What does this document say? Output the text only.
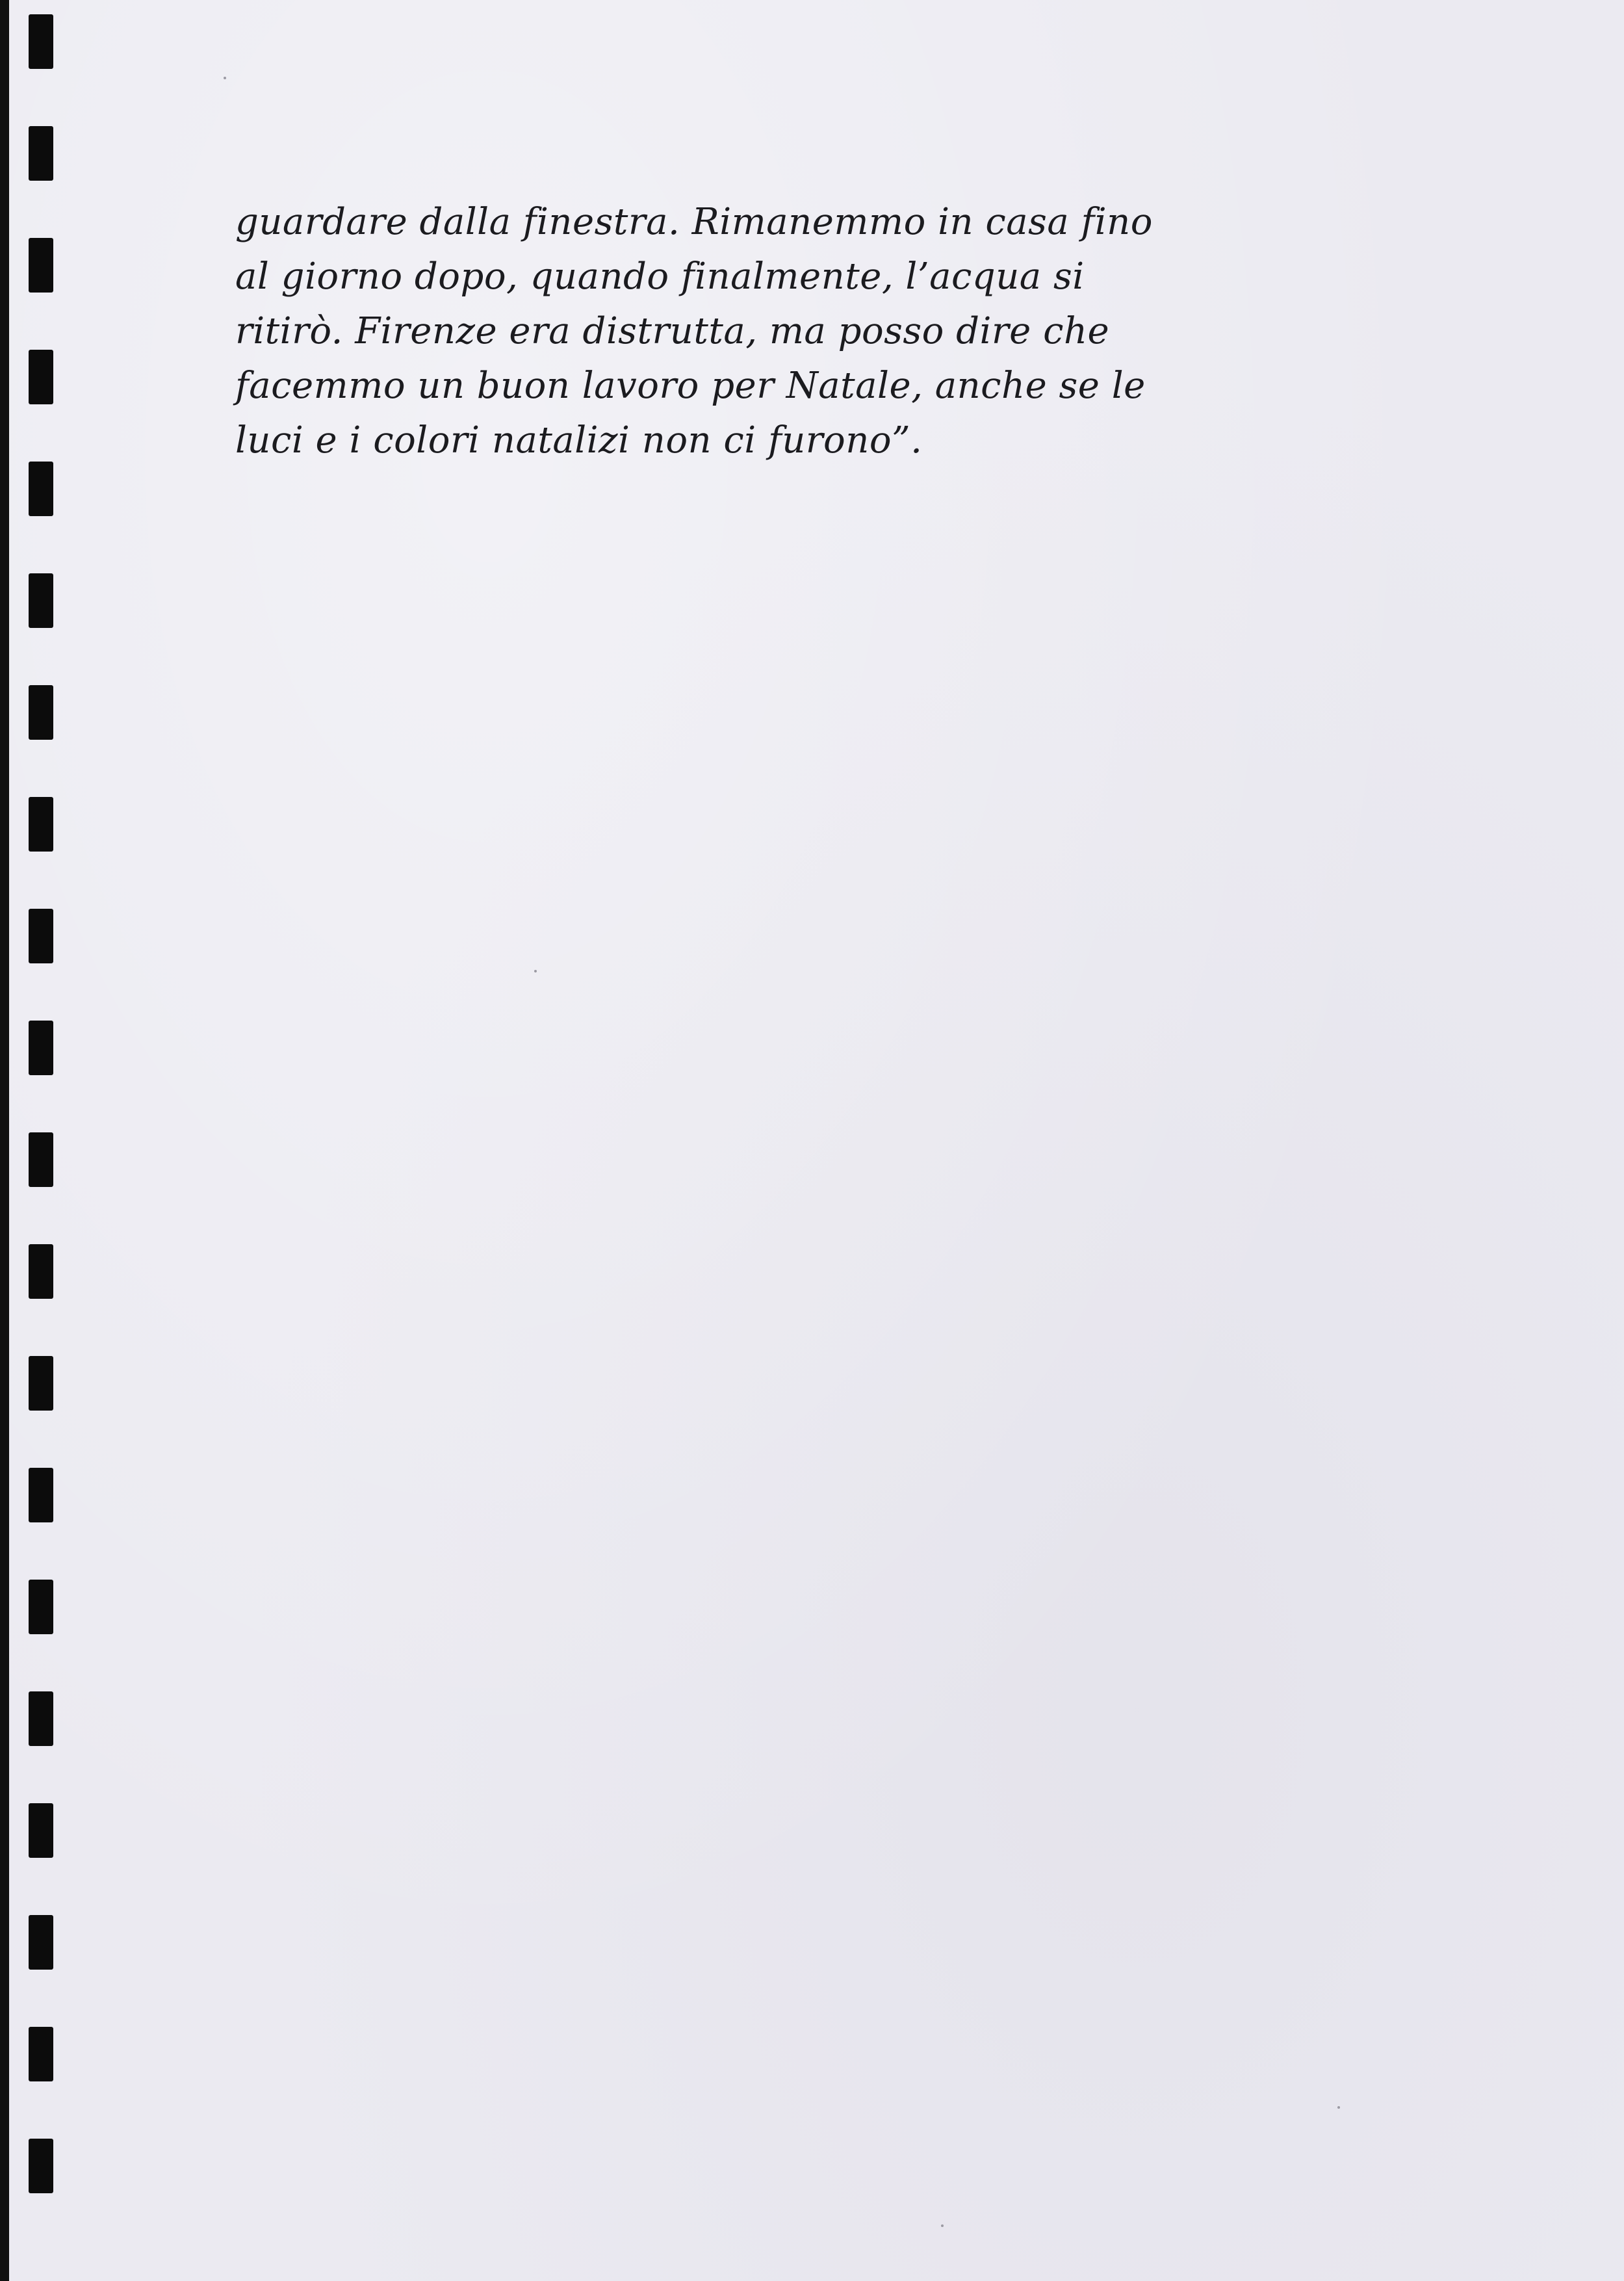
guardare dalla finestra. Rimanemmo in casa fino
al giorno dopo, quando finalmente, l’acqua si
ritirò. Firenze era distrutta, ma posso dire che
facemmo un buon lavoro per Natale, anche se le
luci e i colori natalizi non ci furono”.
